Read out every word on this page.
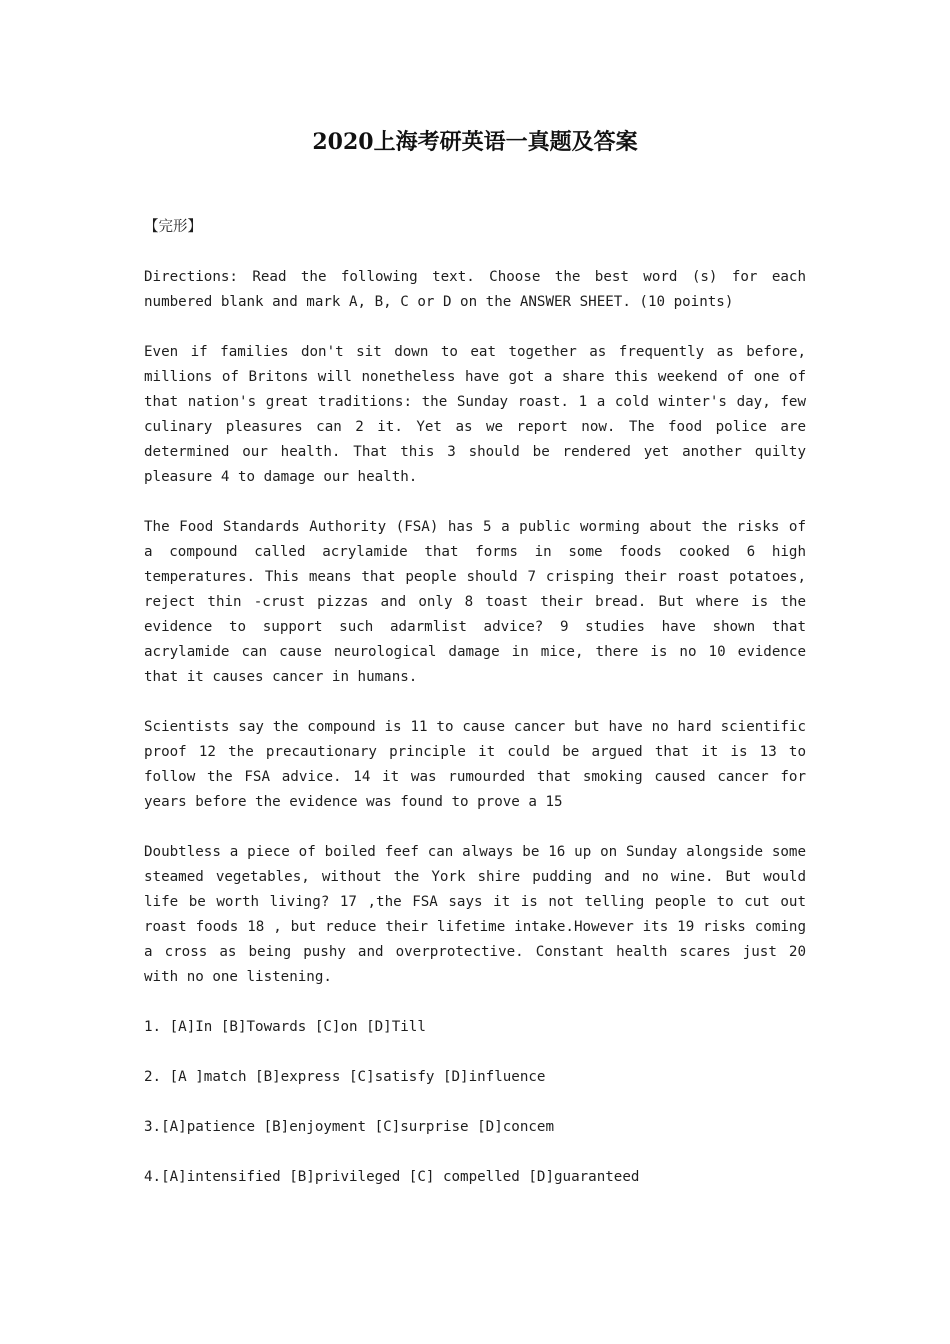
2020上海考研英语一真题及答案
【完形】
Directions: Read the following text. Choose the best word (s) for each numbered blank and mark A, B, C or D on the ANSWER SHEET. (10 points)
Even if families don't sit down to eat together as frequently as before, millions of Britons will nonetheless have got a share this weekend of one of that nation's great traditions: the Sunday roast. 1 a cold winter's day, few culinary pleasures can 2 it. Yet as we report now. The food police are determined our health. That this 3 should be rendered yet another quilty pleasure 4 to damage our health.
The Food Standards Authority (FSA) has 5 a public worming about the risks of a compound called acrylamide that forms in some foods cooked 6 high temperatures. This means that people should 7 crisping their roast potatoes, reject thin -crust pizzas and only 8 toast their bread. But where is the evidence to support such adarmlist advice? 9 studies have shown that acrylamide can cause neurological damage in mice, there is no 10 evidence that it causes cancer in humans.
Scientists say the compound is 11 to cause cancer but have no hard scientific proof 12 the precautionary principle it could be argued that it is 13 to follow the FSA advice. 14 it was rumourded that smoking caused cancer for years before the evidence was found to prove a 15
Doubtless a piece of boiled feef can always be 16 up on Sunday alongside some steamed vegetables, without the York shire pudding and no wine. But would life be worth living? 17 ,the FSA says it is not telling people to cut out roast foods 18 , but reduce their lifetime intake.However its 19 risks coming a cross as being pushy and overprotective. Constant health scares just 20 with no one listening.
1. [A]In [B]Towards [C]on [D]Till
2. [A ]match [B]express [C]satisfy [D]influence
3.[A]patience [B]enjoyment [C]surprise [D]concem
4.[A]intensified [B]privileged [C] compelled [D]guaranteed
